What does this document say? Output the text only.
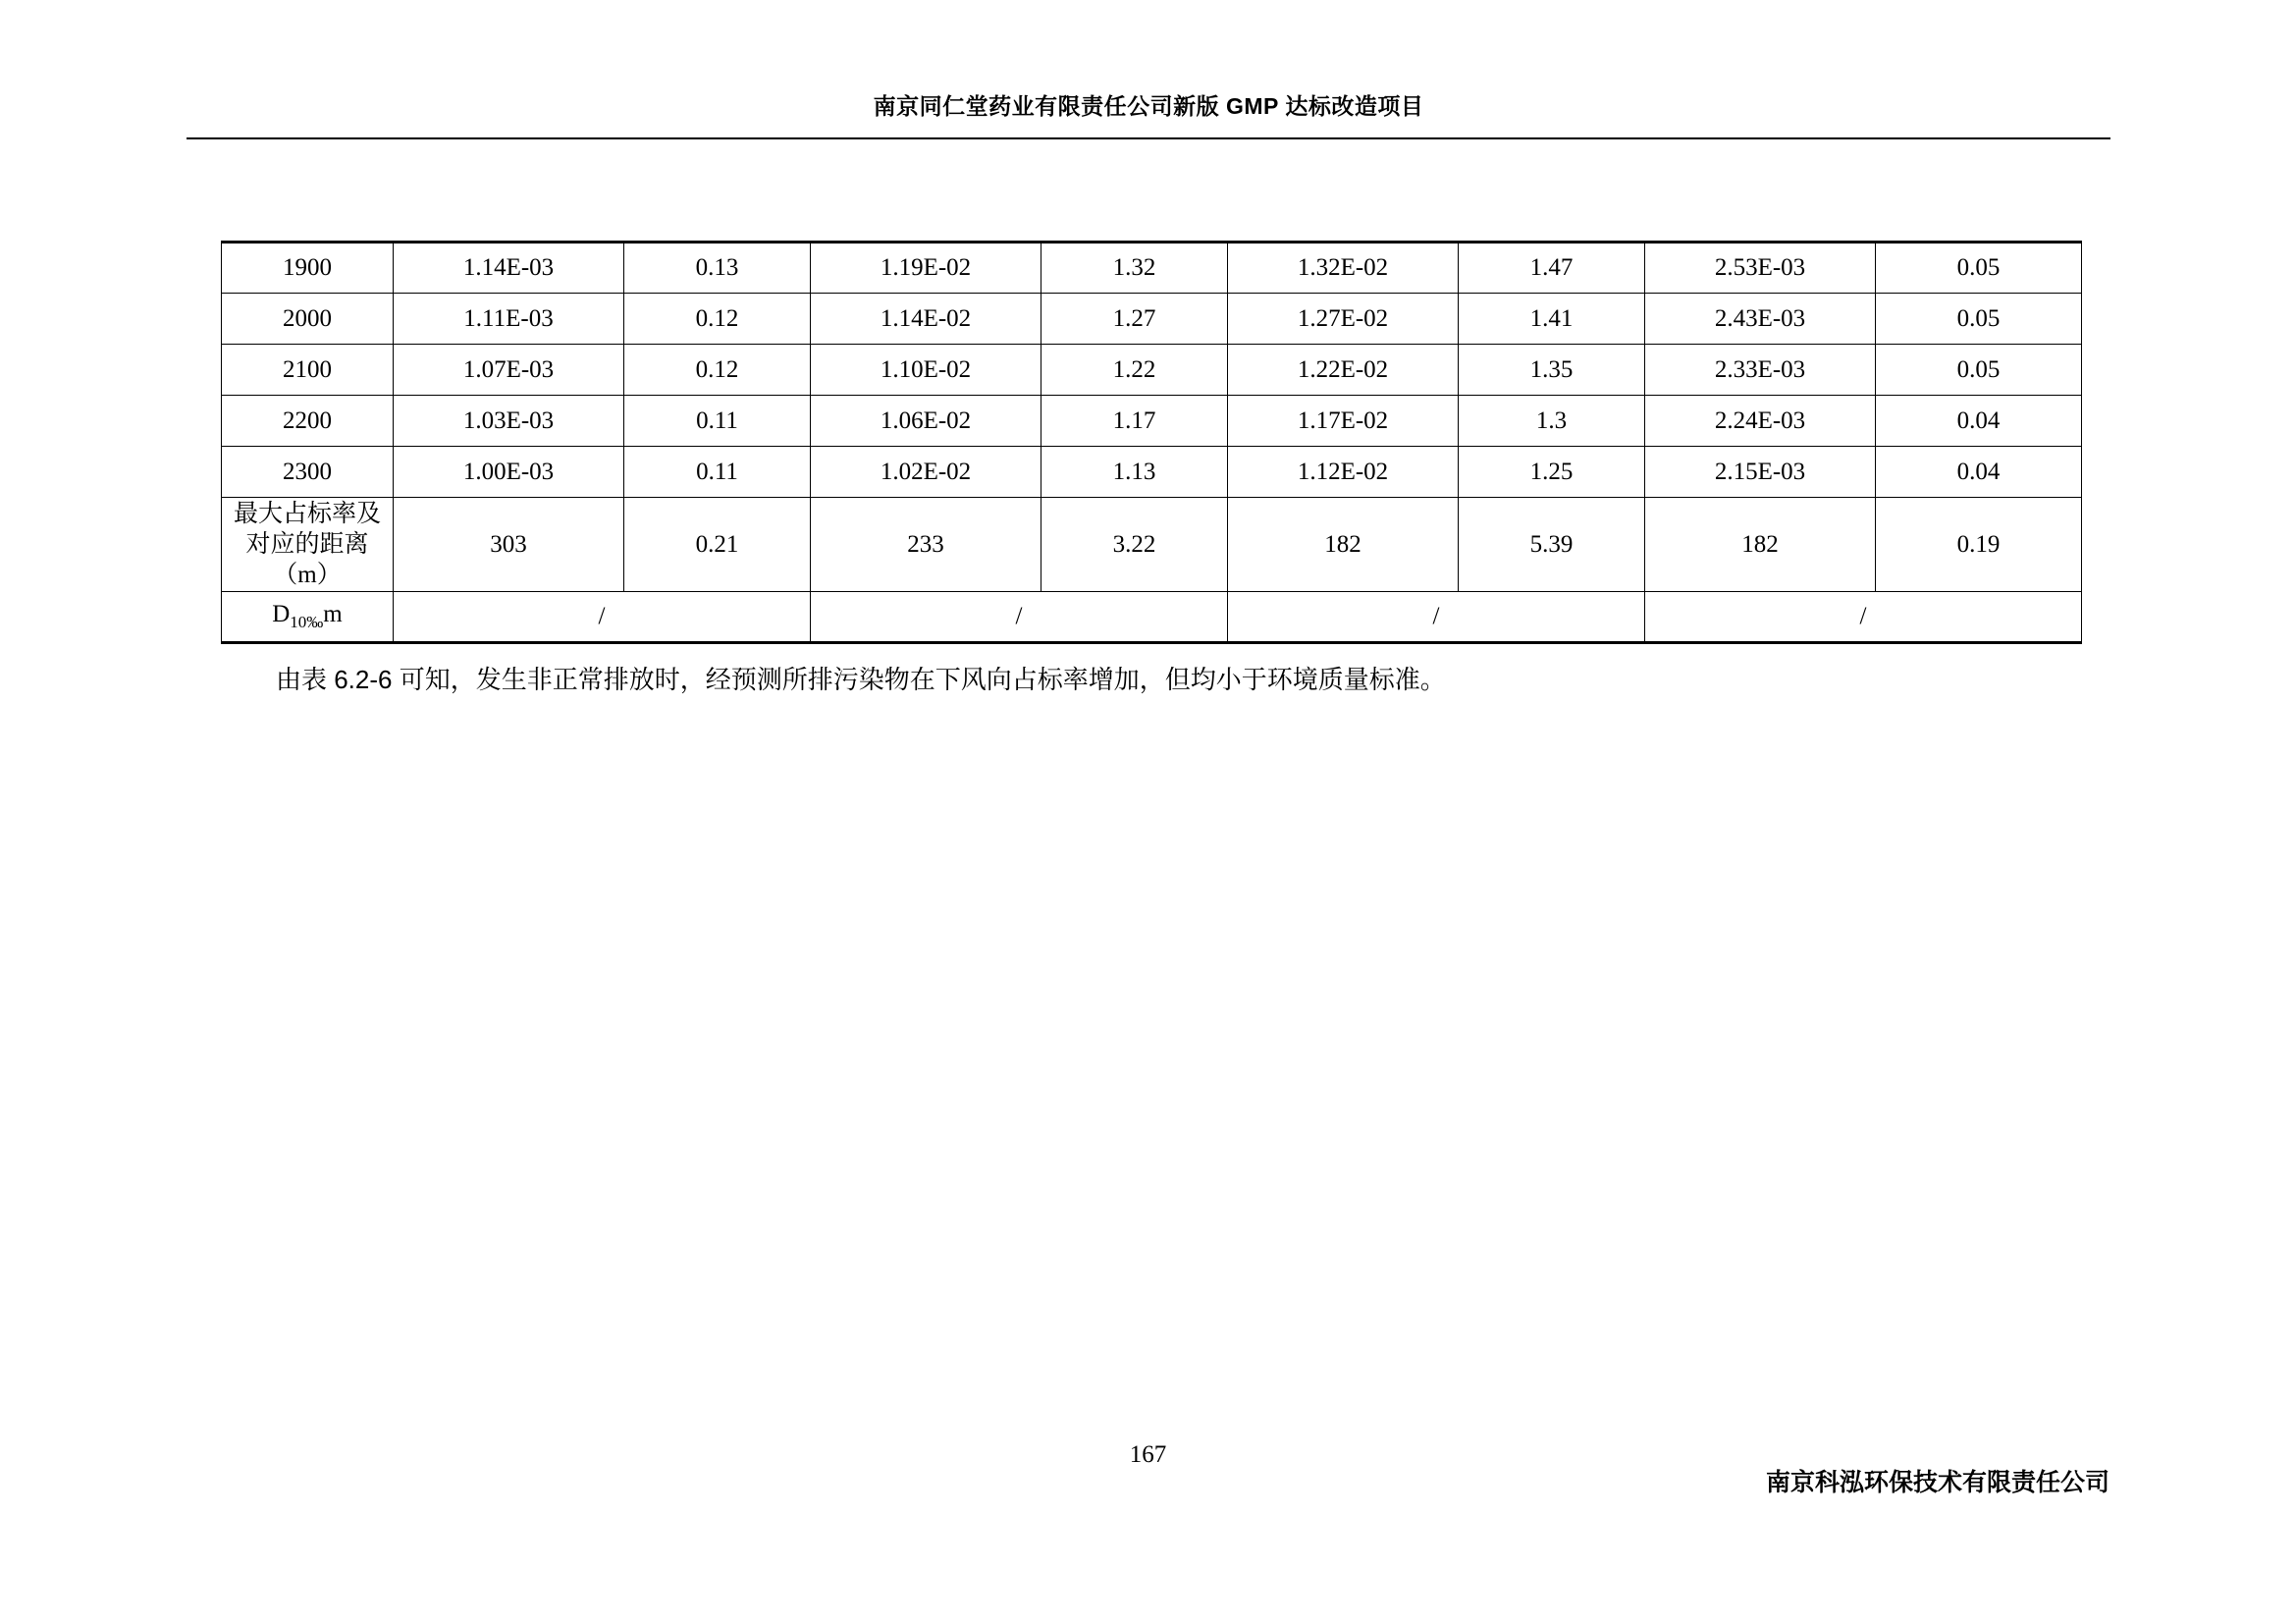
南京同仁堂药业有限责任公司新版 GMP 达标改造项目
1900	1.14E-03	0.13	1.19E-02	1.32	1.32E-02	1.47	2.53E-03	0.05
2000	1.11E-03	0.12	1.14E-02	1.27	1.27E-02	1.41	2.43E-03	0.05
2100	1.07E-03	0.12	1.10E-02	1.22	1.22E-02	1.35	2.33E-03	0.05
2200	1.03E-03	0.11	1.06E-02	1.17	1.17E-02	1.3	2.24E-03	0.04
2300	1.00E-03	0.11	1.02E-02	1.13	1.12E-02	1.25	2.15E-03	0.04
最大占标率及对应的距离（m）	303	0.21	233	3.22	182	5.39	182	0.19
$D_{10‰}m$	/		/		/		/	
由表 6.2-6 可知，发生非正常排放时，经预测所排污染物在下风向占标率增加，但均小于环境质量标准。
167
南京科泓环保技术有限责任公司
